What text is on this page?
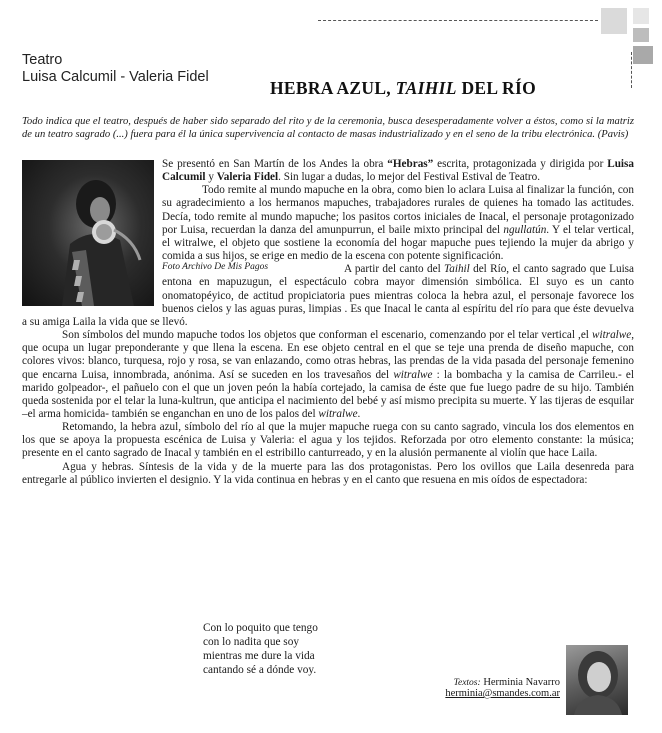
Teatro
Luisa Calcumil - Valeria Fidel
HEBRA AZUL, TAIHIL DEL RÍO
Todo indica que el teatro, después de haber sido separado del rito y de la ceremonia, busca desesperadamente volver a éstos, como si la matriz de un teatro sagrado (...) fuera para él la única supervivencia al contacto de masas industrializado y en el seno de la tribu electrónica. (Pavis)

Se presentó en San Martín de los Andes la obra “Hebras” escrita, protagonizada y dirigida por Luisa Calcumil y Valeria Fidel. Sin lugar a dudas, lo mejor del Festival Estival de Teatro.

Todo remite al mundo mapuche en la obra, como bien lo aclara Luisa al finalizar la función, con su agradecimiento a los hermanos mapuches, trabajadores rurales de quienes ha tomado las actitudes. Decía, todo remite al mundo mapuche; los pasitos cortos iniciales de Inacal, el personaje protagonizado por Luisa, recuerdan la danza del amunpurrun, el baile mixto principal del ngullatún. Y el telar vertical, el witralwe, el objeto que sostiene la economía del hogar mapuche pues tejiendo la mujer da abrigo y comida a sus hijos, se erige en medio de la escena con potente significación.

Foto Archivo De Mis Pagos	A partir del canto del Taihil del Río, el canto sagrado que Luisa entona en mapuzugun, el espectáculo cobra mayor dimensión simbólica. El suyo es un canto onomatopéyico, de actitud propiciatoria pues mientras coloca la hebra azul, el personaje favorece los buenos cielos y las aguas puras, limpias . Es que Inacal le canta al espíritu del río para que éste devuelva a su amiga Laila la vida que se llevó.

Son símbolos del mundo mapuche todos los objetos que conforman el escenario, comenzando por el telar vertical ,el witralwe, que ocupa un lugar preponderante y que llena la escena. En ese objeto central en el que se teje una prenda de diseño mapuche, con colores vivos: blanco, turquesa, rojo y rosa, se van enlazando, como otras hebras, las prendas de la vida pasada del personaje femenino que encarna Luisa, innombrada, anónima. Así se suceden en los travesaños del witralwe : la bombacha y la camisa de Carrileu.- el marido golpeador-, el pañuelo con el que un joven peón la había cortejado, la camisa de éste que fue luego padre de su hijo. También queda sostenida por el telar la luna-kultrun, que anticipa el nacimiento del bebé y así mismo precipita su muerte. Y las tijeras de esquilar –el arma homicida- también se enganchan en uno de los palos del witralwe.

Retomando, la hebra azul, símbolo del río al que la mujer mapuche ruega con su canto sagrado, vincula los dos elementos en los que se apoya la propuesta escénica de Luisa y Valeria: el agua y los tejidos. Reforzada por otro elemento constante: la música; presente en el canto sagrado de Inacal y también en el estribillo canturreado, y en la alusión permanente al violín que hace Laila.

Agua y hebras. Síntesis de la vida y de la muerte para las dos protagonistas. Pero los ovillos que Laila desenreda para entregarle al público invierten el designio. Y la vida continua en hebras y en el canto que resuena en mis oídos de espectadora:

Con lo poquito que tengo
con lo nadita que soy
mientras me dure la vida
cantando sé a dónde voy.
Textos: Herminia Navarro
herminia@smandes.com.ar
